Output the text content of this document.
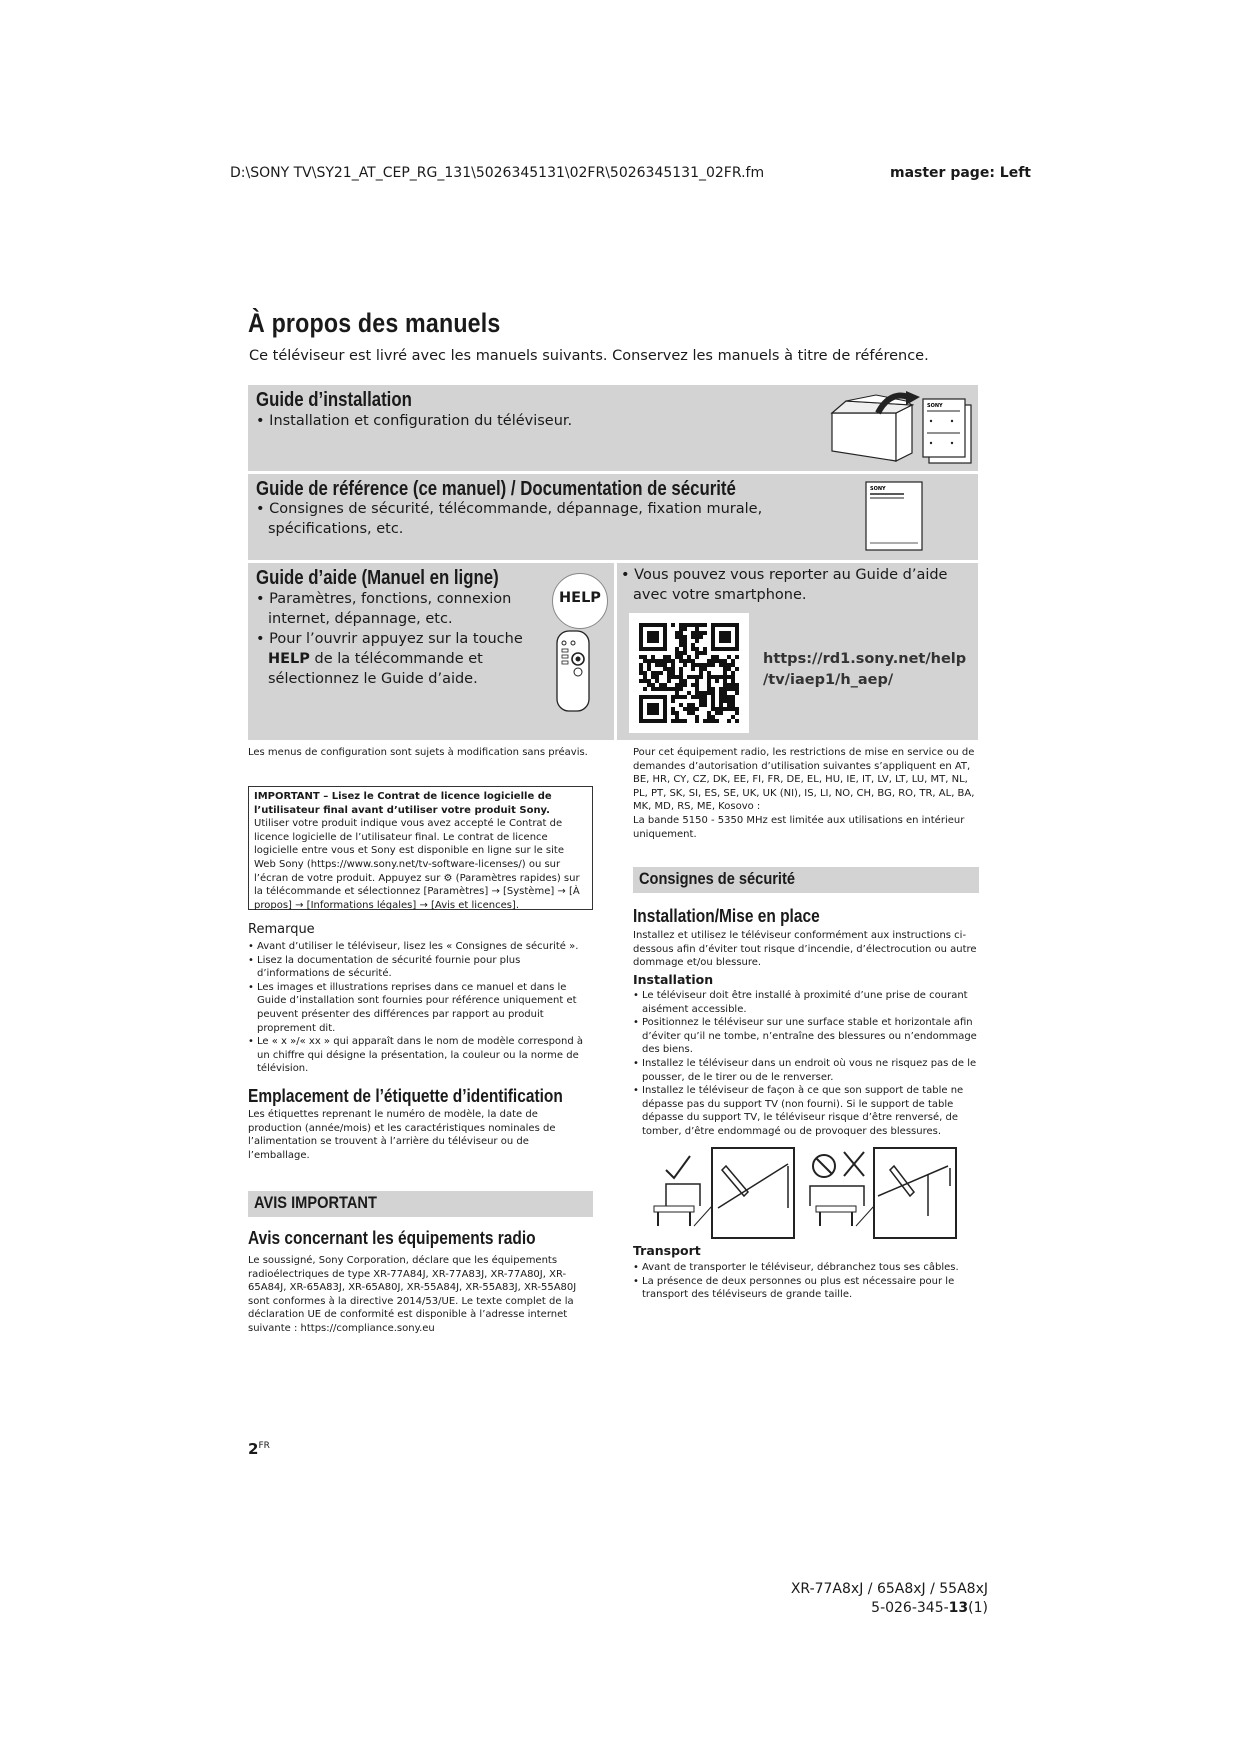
D:\SONY TV\SY21_AT_CEP_RG_131\5026345131\02FR\5026345131_02FR.fm	master page: Left
À propos des manuels
Ce téléviseur est livré avec les manuels suivants. Conservez les manuels à titre de référence.
Guide d’installation
• Installation et configuration du téléviseur.
SONY
Guide de référence (ce manuel) / Documentation de sécurité
• Consignes de sécurité, télécommande, dépannage, fixation murale,
spécifications, etc.
SONY
Guide d’aide (Manuel en ligne)
• Paramètres, fonctions, connexion
internet, dépannage, etc.
• Pour l’ouvrir appuyez sur la touche
HELP de la télécommande et
sélectionnez le Guide d’aide.
HELP
• Vous pouvez vous reporter au Guide d’aide
avec votre smartphone.
https://rd1.sony.net/help
/tv/iaep1/h_aep/
Les menus de configuration sont sujets à modification sans préavis.
IMPORTANT – Lisez le Contrat de licence logicielle de l’utilisateur final avant d’utiliser votre produit Sony. Utiliser votre produit indique vous avez accepté le Contrat de licence logicielle de l’utilisateur final. Le contrat de licence logicielle entre vous et Sony est disponible en ligne sur le site Web Sony (https://www.sony.net/tv-software-licenses/) ou sur l’écran de votre produit. Appuyez sur ⚙ (Paramètres rapides) sur la télécommande et sélectionnez [Paramètres] → [Système] → [À propos] → [Informations légales] → [Avis et licences].
Remarque
• Avant d’utiliser le téléviseur, lisez les « Consignes de sécurité ».
• Lisez la documentation de sécurité fournie pour plus d’informations de sécurité.
• Les images et illustrations reprises dans ce manuel et dans le Guide d’installation sont fournies pour référence uniquement et peuvent présenter des différences par rapport au produit proprement dit.
• Le « x »/« xx » qui apparaît dans le nom de modèle correspond à un chiffre qui désigne la présentation, la couleur ou la norme de télévision.
Emplacement de l’étiquette d’identification
Les étiquettes reprenant le numéro de modèle, la date de production (année/mois) et les caractéristiques nominales de l’alimentation se trouvent à l’arrière du téléviseur ou de l’emballage.
AVIS IMPORTANT
Avis concernant les équipements radio
Le soussigné, Sony Corporation, déclare que les équipements radioélectriques de type XR-77A84J, XR-77A83J, XR-77A80J, XR-65A84J, XR-65A83J, XR-65A80J, XR-55A84J, XR-55A83J, XR-55A80J sont conformes à la directive 2014/53/UE. Le texte complet de la déclaration UE de conformité est disponible à l’adresse internet suivante : https://compliance.sony.eu
Pour cet équipement radio, les restrictions de mise en service ou de demandes d’autorisation d’utilisation suivantes s’appliquent en AT, BE, HR, CY, CZ, DK, EE, FI, FR, DE, EL, HU, IE, IT, LV, LT, LU, MT, NL, PL, PT, SK, SI, ES, SE, UK, UK (NI), IS, LI, NO, CH, BG, RO, TR, AL, BA, MK, MD, RS, ME, Kosovo :
La bande 5150 - 5350 MHz est limitée aux utilisations en intérieur uniquement.
Consignes de sécurité
Installation/Mise en place
Installez et utilisez le téléviseur conformément aux instructions ci-dessous afin d’éviter tout risque d’incendie, d’électrocution ou autre dommage et/ou blessure.
Installation
• Le téléviseur doit être installé à proximité d’une prise de courant aisément accessible.
• Positionnez le téléviseur sur une surface stable et horizontale afin d’éviter qu’il ne tombe, n’entraîne des blessures ou n’endommage des biens.
• Installez le téléviseur dans un endroit où vous ne risquez pas de le pousser, de le tirer ou de le renverser.
• Installez le téléviseur de façon à ce que son support de table ne dépasse pas du support TV (non fourni). Si le support de table dépasse du support TV, le téléviseur risque d’être renversé, de tomber, d’être endommagé ou de provoquer des blessures.
Transport
• Avant de transporter le téléviseur, débranchez tous ses câbles.
• La présence de deux personnes ou plus est nécessaire pour le transport des téléviseurs de grande taille.
$2^{FR}$
XR-77A8xJ / 65A8xJ / 55A8xJ
5-026-345-13(1)
